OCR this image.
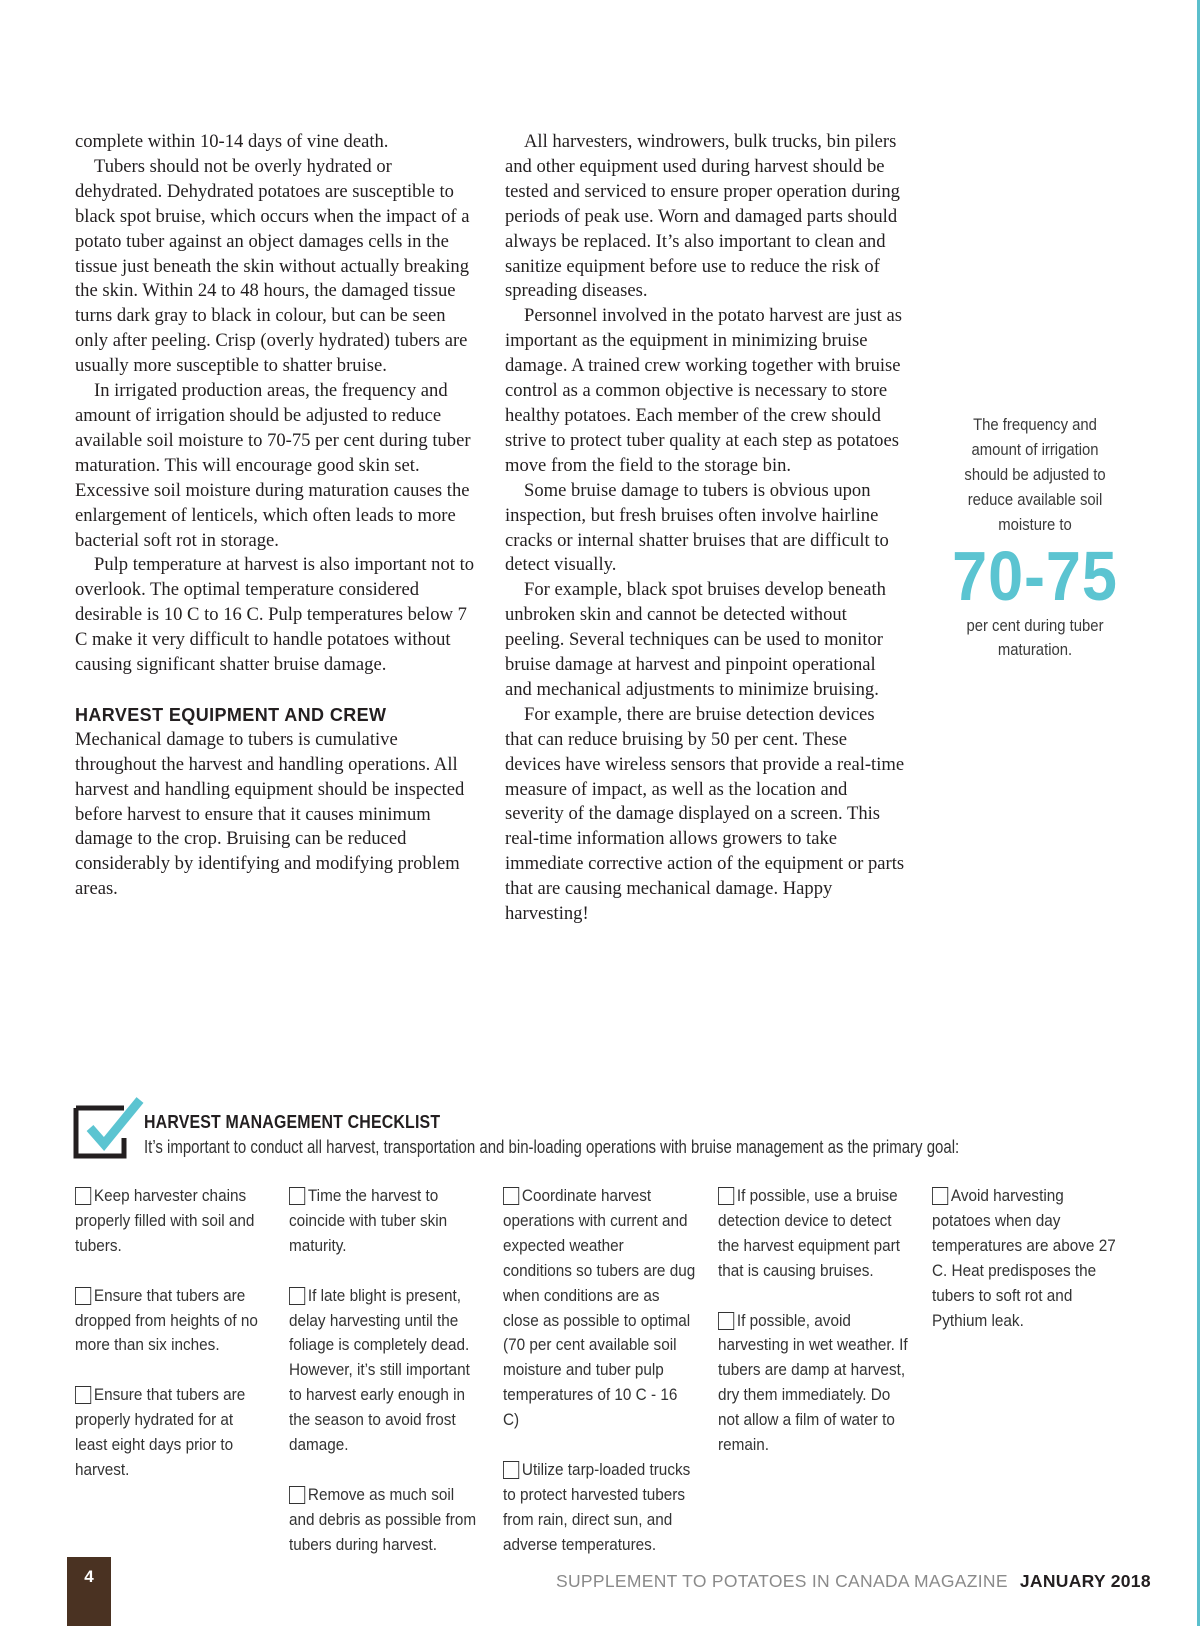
complete within 10-14 days of vine death.

Tubers should not be overly hydrated or dehydrated. Dehydrated potatoes are susceptible to black spot bruise, which occurs when the impact of a potato tuber against an object damages cells in the tissue just beneath the skin without actually breaking the skin. Within 24 to 48 hours, the damaged tissue turns dark gray to black in colour, but can be seen only after peeling. Crisp (overly hydrated) tubers are usually more susceptible to shatter bruise.

In irrigated production areas, the frequency and amount of irrigation should be adjusted to reduce available soil moisture to 70-75 per cent during tuber maturation. This will encourage good skin set. Excessive soil moisture during maturation causes the enlargement of lenticels, which often leads to more bacterial soft rot in storage.

Pulp temperature at harvest is also important not to overlook. The optimal temperature considered desirable is 10 C to 16 C. Pulp temperatures below 7 C make it very difficult to handle potatoes without causing significant shatter bruise damage.

HARVEST EQUIPMENT AND CREW

Mechanical damage to tubers is cumulative throughout the harvest and handling operations. All harvest and handling equipment should be inspected before harvest to ensure that it causes minimum damage to the crop. Bruising can be reduced considerably by identifying and modifying problem areas.

All harvesters, windrowers, bulk trucks, bin pilers and other equipment used during harvest should be tested and serviced to ensure proper operation during periods of peak use. Worn and damaged parts should always be replaced. It’s also important to clean and sanitize equipment before use to reduce the risk of spreading diseases.

Personnel involved in the potato harvest are just as important as the equipment in minimizing bruise damage. A trained crew working together with bruise control as a common objective is necessary to store healthy potatoes. Each member of the crew should strive to protect tuber quality at each step as potatoes move from the field to the storage bin.

Some bruise damage to tubers is obvious upon inspection, but fresh bruises often involve hairline cracks or internal shatter bruises that are difficult to detect visually.

For example, black spot bruises develop beneath unbroken skin and cannot be detected without peeling. Several techniques can be used to monitor bruise damage at harvest and pinpoint operational and mechanical adjustments to minimize bruising.

For example, there are bruise detection devices that can reduce bruising by 50 per cent. These devices have wireless sensors that provide a real-time measure of impact, as well as the location and severity of the damage displayed on a screen. This real-time information allows growers to take immediate corrective action of the equipment or parts that are causing mechanical damage. Happy harvesting!

The frequency and amount of irrigation should be adjusted to reduce available soil moisture to
70-75
per cent during tuber maturation.
HARVEST MANAGEMENT CHECKLIST
It’s important to conduct all harvest, transportation and bin-loading operations with bruise management as the primary goal:
Keep harvester chains properly filled with soil and tubers.
Ensure that tubers are dropped from heights of no more than six inches.
Ensure that tubers are properly hydrated for at least eight days prior to harvest.
Time the harvest to coincide with tuber skin maturity.
If late blight is present, delay harvesting until the foliage is completely dead. However, it’s still important to harvest early enough in the season to avoid frost damage.
Remove as much soil and debris as possible from tubers during harvest.
Coordinate harvest operations with current and expected weather conditions so tubers are dug when conditions are as close as possible to optimal (70 per cent available soil moisture and tuber pulp temperatures of 10 C - 16 C)
Utilize tarp-loaded trucks to protect harvested tubers from rain, direct sun, and adverse temperatures.
If possible, use a bruise detection device to detect the harvest equipment part that is causing bruises.
If possible, avoid harvesting in wet weather. If tubers are damp at harvest, dry them immediately. Do not allow a film of water to remain.
Avoid harvesting potatoes when day temperatures are above 27 C. Heat predisposes the tubers to soft rot and Pythium leak.
4	SUPPLEMENT TO POTATOES IN CANADA MAGAZINE JANUARY 2018
